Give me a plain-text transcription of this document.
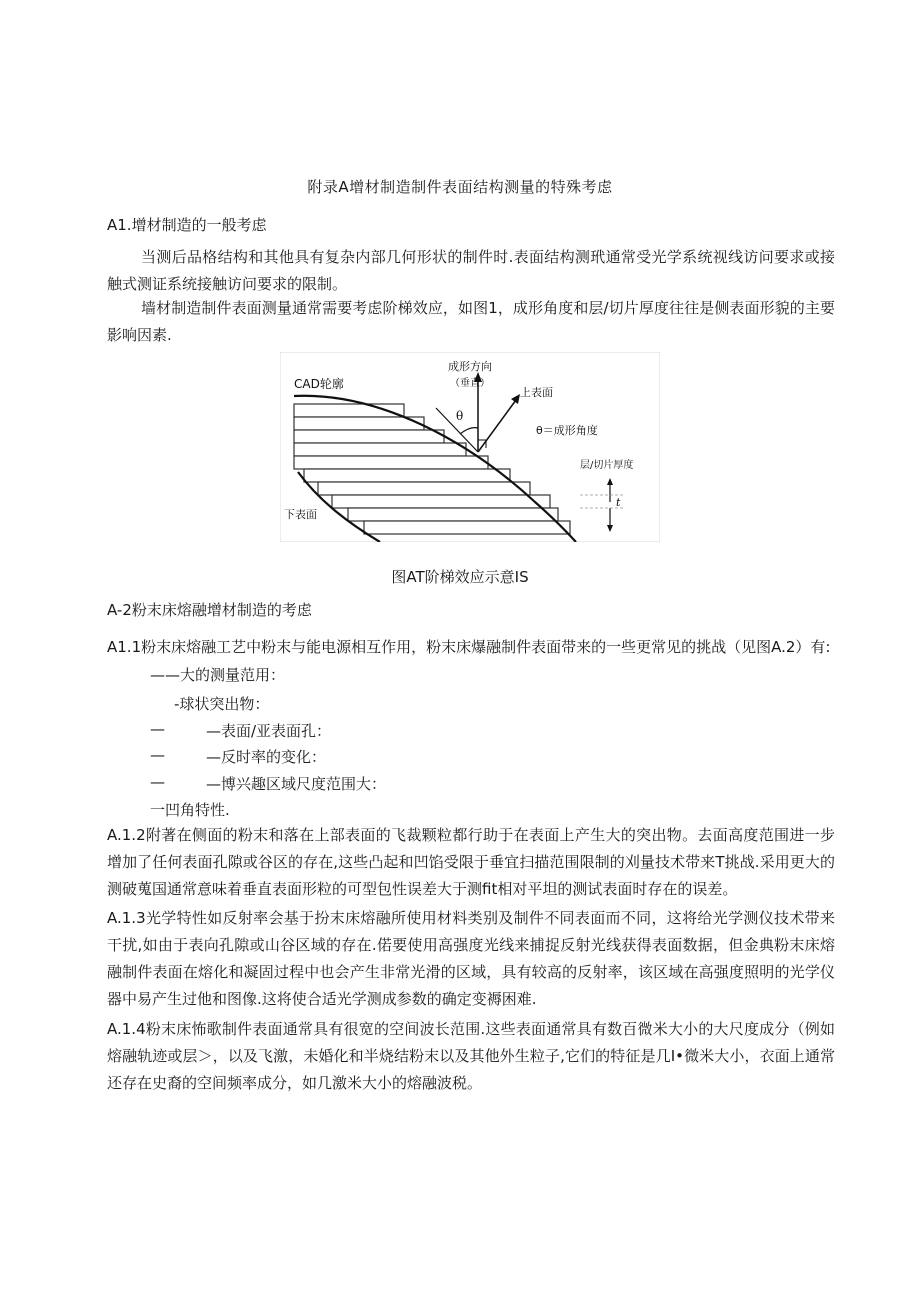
附录A增材制造制件表面结构测量的特殊考虑
A1.增材制造的一般考虑

当测后品格结构和其他具有复杂内部几何形状的制件时.表面结构测玳通常受光学系统视线访问要求或接触式测证系统接触访问要求的限制。

墙材制造制件表面测量通常需要考虑阶梯效应，如图1，成形角度和层/切片厚度往往是侧表面形貌的主要影响因素.

CAD轮廓
成形方向
（垂直）
上表面
θ
θ＝成形角度
层/切片厚度
t
下表面
图AT阶梯效应示意IS
A-2粉末床熔融增材制造的考虑

A1.1粉末床熔融工艺中粉末与能电源相互作用，粉末床爆融制件表面带来的一些更常见的挑战（见图A.2）有:

——大的测量范用：
-球状突出物：
—	—表面/亚表面孔：
—	—反时率的变化：
—	—博兴趣区域尺度范围大：
一凹角特性.

A.1.2附著在侧面的粉末和落在上部表面的飞裁颗粒都行助于在表面上产生大的突出物。去面高度范围进一步增加了任何表面孔隙或谷区的存在,这些凸起和凹馅受限于垂宜扫描范围限制的刈量技术带来T挑战.采用更大的测破蒐国通常意味着垂直表面形粒的可型包性误差大于测fit相对平坦的测试表面时存在的误差。

A.1.3光学特性如反射率会基于扮末床熔融所使用材料类别及制件不同表面而不同，这将给光学测仪技术带来干扰,如由于表向孔隙或山谷区域的存在.偌要使用高强度光线来捕捉反射光线获得表面数据，但金典粉末床熔融制件表面在熔化和凝固过程中也会产生非常光滑的区域，具有较高的反射率，该区域在高强度照明的光学仪器中易产生过他和图像.这将使合适光学测成参数的确定变褥困难.

A.1.4粉末床怖歌制件表面通常具有很宽的空间波长范围.这些表面通常具有数百微米大小的大尺度成分（例如熔融轨迹或层＞，以及飞激，未婚化和半烧结粉末以及其他外生粒子,它们的特征是几I•微米大小，衣面上通常还存在史裔的空间频率成分，如几激米大小的熔融波税。
